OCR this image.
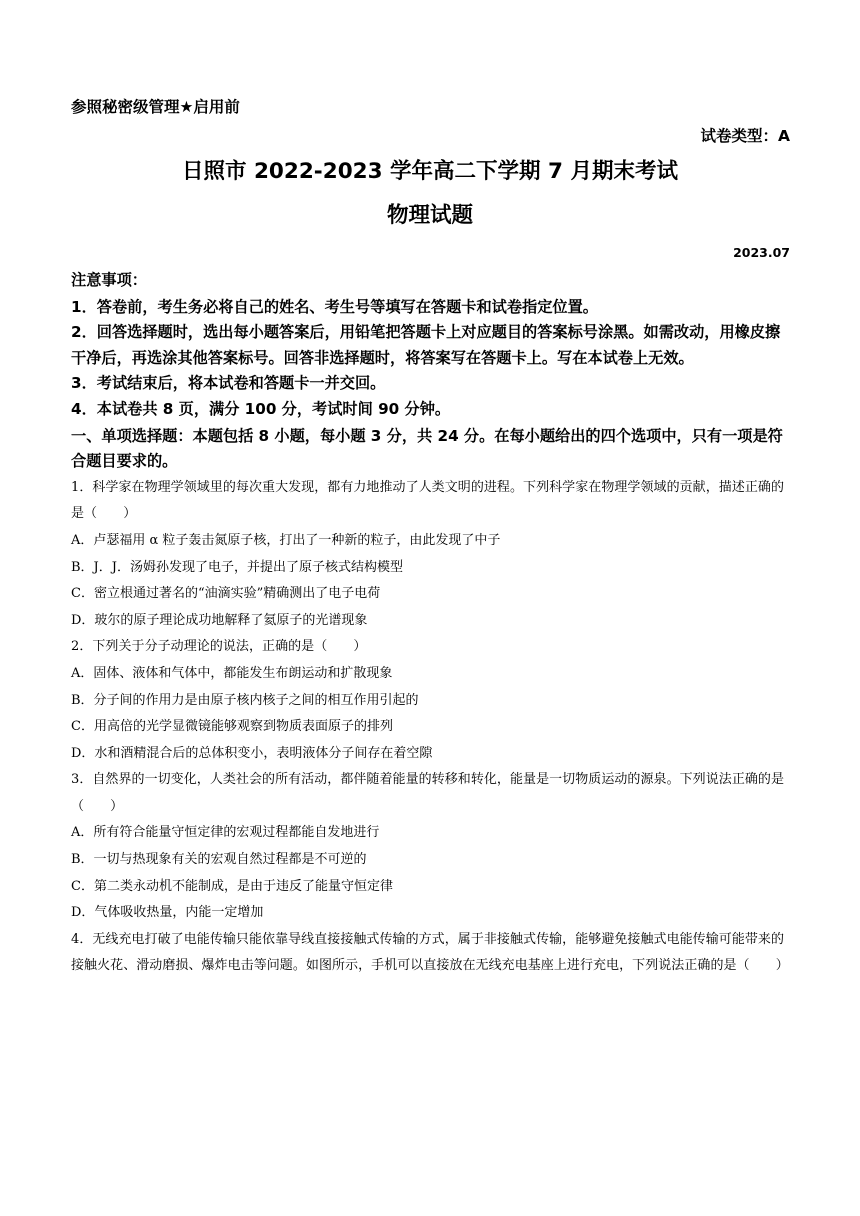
参照秘密级管理★启用前
试卷类型：A
日照市 2022-2023 学年高二下学期 7 月期末考试
物理试题
2023.07

注意事项：

1．答卷前，考生务必将自己的姓名、考生号等填写在答题卡和试卷指定位置。

2．回答选择题时，选出每小题答案后，用铅笔把答题卡上对应题目的答案标号涂黑。如需改动，用橡皮擦干净后，再选涂其他答案标号。回答非选择题时，将答案写在答题卡上。写在本试卷上无效。

3．考试结束后，将本试卷和答题卡一并交回。

4．本试卷共 8 页，满分 100 分，考试时间 90 分钟。

一、单项选择题：本题包括 8 小题，每小题 3 分，共 24 分。在每小题给出的四个选项中，只有一项是符合题目要求的。

1．科学家在物理学领域里的每次重大发现，都有力地推动了人类文明的进程。下列科学家在物理学领域的贡献，描述正确的是（　　）

A．卢瑟福用 α 粒子轰击氮原子核，打出了一种新的粒子，由此发现了中子

B．J．J．汤姆孙发现了电子，并提出了原子核式结构模型

C．密立根通过著名的“油滴实验”精确测出了电子电荷

D．玻尔的原子理论成功地解释了氦原子的光谱现象

2．下列关于分子动理论的说法，正确的是（　　）

A．固体、液体和气体中，都能发生布朗运动和扩散现象

B．分子间的作用力是由原子核内核子之间的相互作用引起的

C．用高倍的光学显微镜能够观察到物质表面原子的排列

D．水和酒精混合后的总体积变小，表明液体分子间存在着空隙

3．自然界的一切变化，人类社会的所有活动，都伴随着能量的转移和转化，能量是一切物质运动的源泉。下列说法正确的是（　　）

A．所有符合能量守恒定律的宏观过程都能自发地进行

B．一切与热现象有关的宏观自然过程都是不可逆的

C．第二类永动机不能制成，是由于违反了能量守恒定律

D．气体吸收热量，内能一定增加

4．无线充电打破了电能传输只能依靠导线直接接触式传输的方式，属于非接触式传输，能够避免接触式电能传输可能带来的接触火花、滑动磨损、爆炸电击等问题。如图所示，手机可以直接放在无线充电基座上进行充电，下列说法正确的是（　　）
